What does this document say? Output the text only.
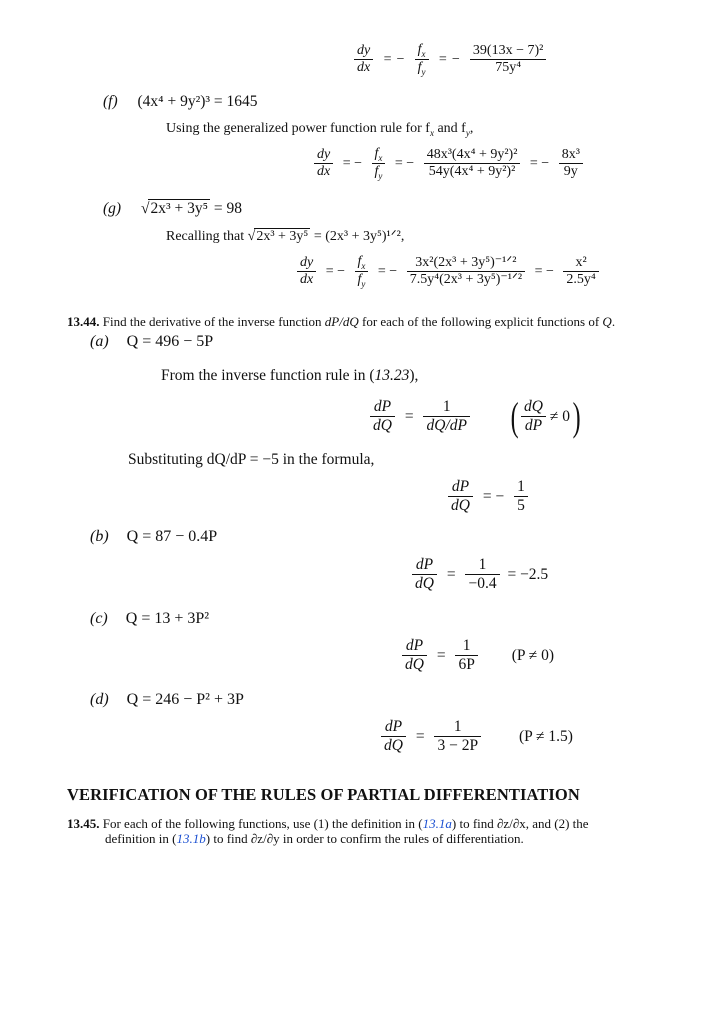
$\frac{dy}{dx}$ = − $\frac{f_x}{f_y}$ = − $\frac{\text{39(13x − 7)²}}{\text{75y⁴}}$
(f) (4x⁴ + 9y²)³ = 1645
Using the generalized power function rule for $f_x$ and $f_y$,
$\frac{dy}{dx}$ = − $\frac{f_x}{f_y}$ = − $\frac{\text{48x³(4x⁴ + 9y²)²}}{\text{54y(4x⁴ + 9y²)²}}$ = − $\frac{\text{8x³}}{9y}$
(g) √2x³ + 3y⁵ = 98
Recalling that √2x³ + 3y⁵ = (2x³ + 3y⁵)¹ᐟ²,
$\frac{dy}{dx}$ = − $\frac{f_x}{f_y}$ = − $\frac{\text{3x²(2x³ + 3y⁵)⁻¹ᐟ²}}{\text{7.5y⁴(2x³ + 3y⁵)⁻¹ᐟ²}}$ = − $\frac{\text{x²}}{\text{2.5y⁴}}$
13.44. Find the derivative of the inverse function dP/dQ for each of the following explicit functions of Q.
(a) Q = 496 − 5P
From the inverse function rule in (13.23),
$\frac{dP}{dQ} = \frac{1}{dQ/dP}$ ( $\frac{dQ}{dP} \ne 0$)
Substituting dQ/dP = −5 in the formula,
$\frac{dP}{dQ}$ = − $\frac{1}{5}$
(b) Q = 87 − 0.4P
$\frac{dP}{dQ} = \frac{1}{-0.4} = -2.5$
(c) Q = 13 + 3P²
$\frac{dP}{dQ} = \frac{1}{6P} (P \ne 0)$
(d) Q = 246 − P² + 3P
$\frac{dP}{dQ} = \frac{1}{3 - 2P} (P \ne 1.5)$
VERIFICATION OF THE RULES OF PARTIAL DIFFERENTIATION
13.45. For each of the following functions, use (1) the definition in (13.1a) to find ∂z/∂x, and (2) the
definition in (13.1b) to find ∂z/∂y in order to confirm the rules of differentiation.
